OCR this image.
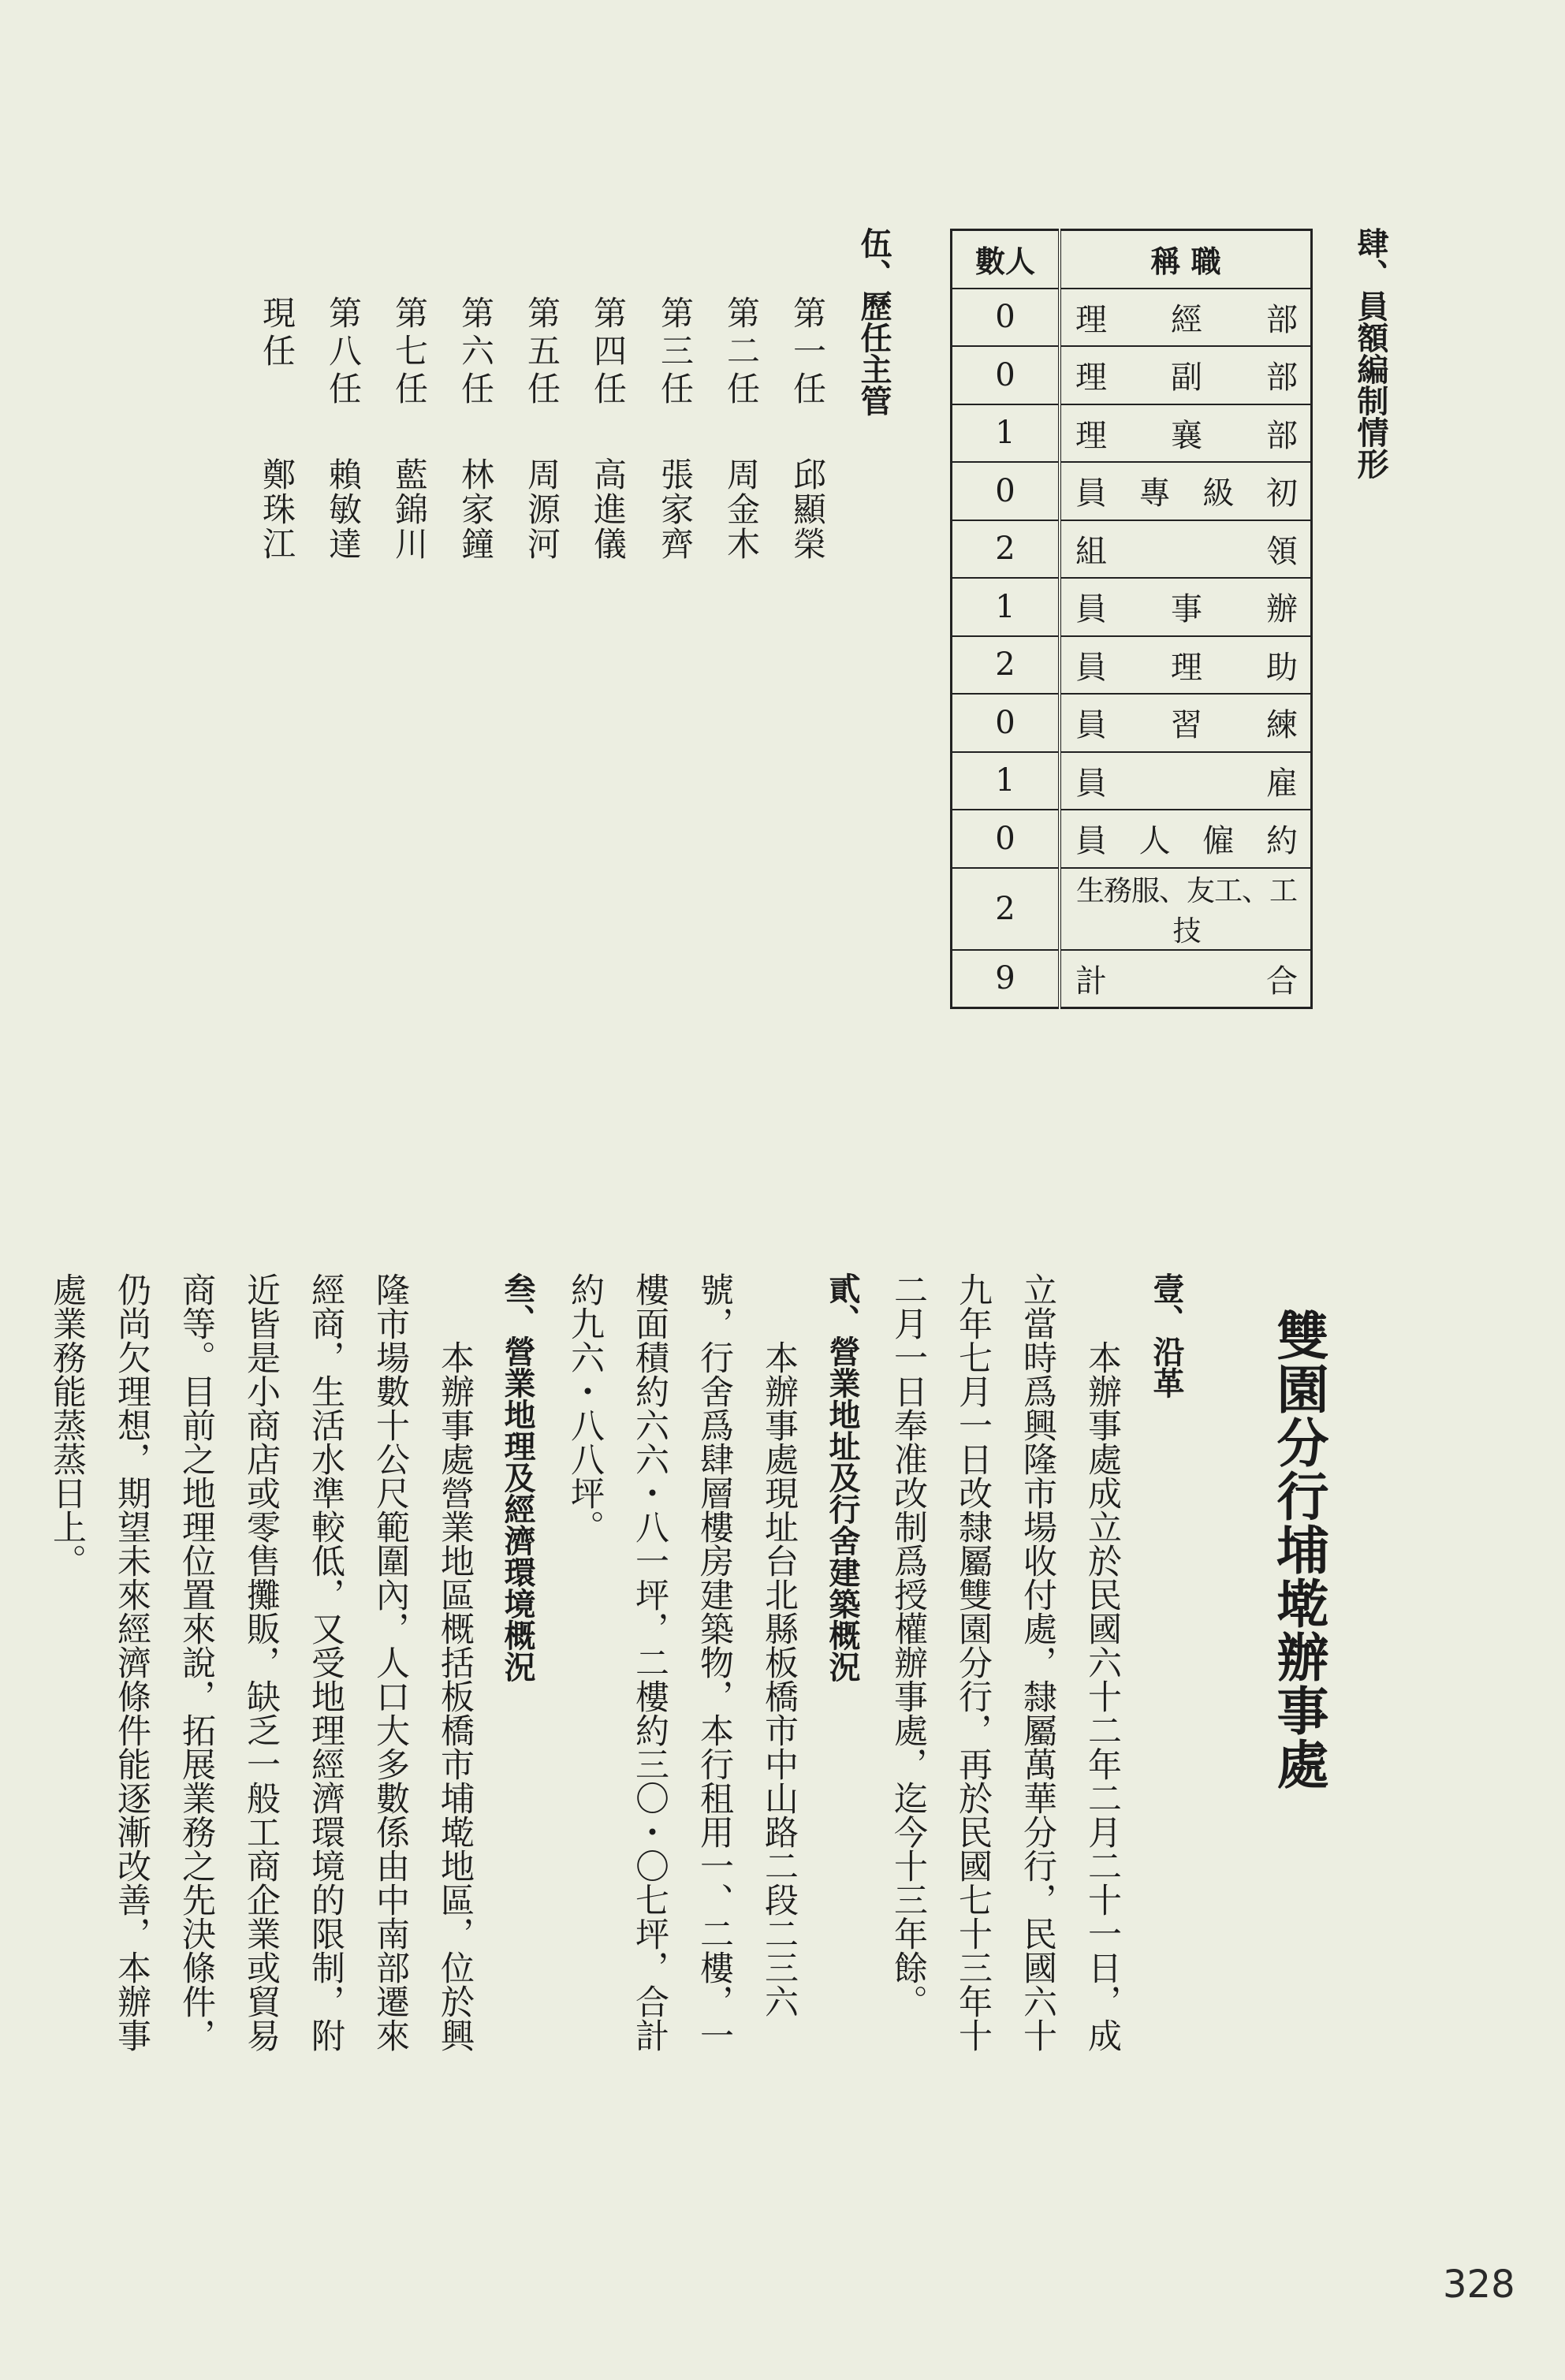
肆、員額編制情形
數人	稱 職
0	理經部
0	理副部
1	理襄部
0	員專級初
2	組領
1	員事辦
2	員理助
0	員習練
1	員雇
0	員人僱約
2	生務服、友工、工技
9	計合
伍、歷任主管
第一任
邱顯榮
第二任
周金木
第三任
張家齊
第四任
高進儀
第五任
周源河
第六任
林家鐘
第七任
藍錦川
第八任
賴敏達
現任
鄭珠江
雙園分行埔墘辦事處
壹、沿革
本辦事處成立於民國六十二年二月二十一日，成
立當時爲興隆市場收付處，隸屬萬華分行，民國六十
九年七月一日改隸屬雙園分行，再於民國七十三年十
二月一日奉准改制爲授權辦事處，迄今十三年餘。
貳、營業地址及行舍建築概況
本辦事處現址台北縣板橋市中山路二段二三六
號，行舍爲肆層樓房建築物，本行租用一、二樓，一
樓面積約六六・八一坪，二樓約三〇・〇七坪，合計
約九六・八八坪。
叁、營業地理及經濟環境概況
本辦事處營業地區概括板橋市埔墘地區，位於興
隆市場數十公尺範圍內，人口大多數係由中南部遷來
經商，生活水準較低，又受地理經濟環境的限制，附
近皆是小商店或零售攤販，缺乏一般工商企業或貿易
商等。目前之地理位置來說，拓展業務之先決條件，
仍尚欠理想，期望未來經濟條件能逐漸改善，本辦事
處業務能蒸蒸日上。
328
